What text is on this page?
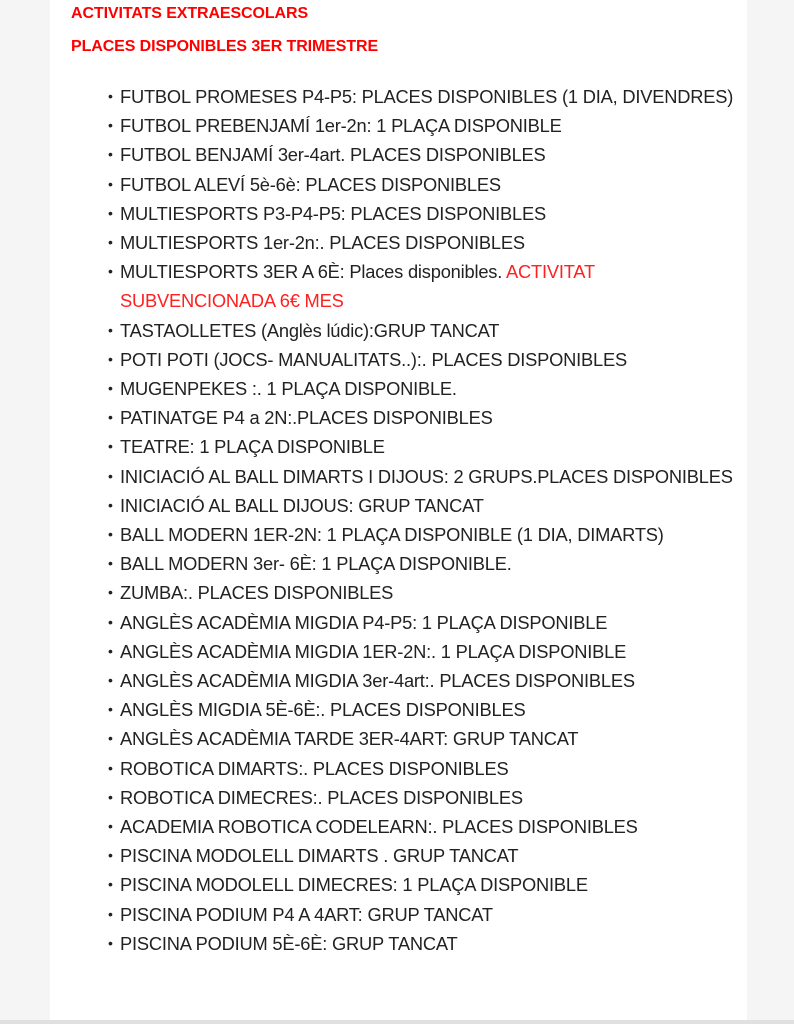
ACTIVITATS EXTRAESCOLARS
PLACES DISPONIBLES 3ER TRIMESTRE
• FUTBOL PROMESES P4-P5: PLACES DISPONIBLES (1 DIA, DIVENDRES)
• FUTBOL PREBENJAMÍ 1er-2n: 1 PLAÇA DISPONIBLE
• FUTBOL BENJAMÍ 3er-4art. PLACES DISPONIBLES
• FUTBOL ALEVÍ 5è-6è: PLACES DISPONIBLES
• MULTIESPORTS P3-P4-P5: PLACES DISPONIBLES
• MULTIESPORTS 1er-2n:. PLACES DISPONIBLES
• MULTIESPORTS 3ER A 6È: Places disponibles. ACTIVITAT SUBVENCIONADA 6€ MES
• TASTAOLLETES (Anglès lúdic):GRUP TANCAT
• POTI POTI (JOCS- MANUALITATS..):. PLACES DISPONIBLES
• MUGENPEKES :. 1 PLAÇA DISPONIBLE.
• PATINATGE P4 a 2N:.PLACES DISPONIBLES
• TEATRE: 1 PLAÇA DISPONIBLE
• INICIACIÓ AL BALL DIMARTS I DIJOUS: 2 GRUPS.PLACES DISPONIBLES
• INICIACIÓ AL BALL DIJOUS: GRUP TANCAT
• BALL MODERN 1ER-2N: 1 PLAÇA DISPONIBLE (1 DIA, DIMARTS)
• BALL MODERN 3er- 6È: 1 PLAÇA DISPONIBLE.
• ZUMBA:. PLACES DISPONIBLES
• ANGLÈS ACADÈMIA MIGDIA P4-P5: 1 PLAÇA DISPONIBLE
• ANGLÈS ACADÈMIA MIGDIA 1ER-2N:. 1 PLAÇA DISPONIBLE
• ANGLÈS ACADÈMIA MIGDIA 3er-4art:. PLACES DISPONIBLES
• ANGLÈS MIGDIA 5È-6È:. PLACES DISPONIBLES
• ANGLÈS ACADÈMIA TARDE 3ER-4ART: GRUP TANCAT
• ROBOTICA DIMARTS:. PLACES DISPONIBLES
• ROBOTICA DIMECRES:. PLACES DISPONIBLES
• ACADEMIA ROBOTICA CODELEARN:. PLACES DISPONIBLES
• PISCINA MODOLELL DIMARTS . GRUP TANCAT
• PISCINA MODOLELL DIMECRES: 1 PLAÇA DISPONIBLE
• PISCINA PODIUM P4 A 4ART: GRUP TANCAT
• PISCINA PODIUM 5È-6È: GRUP TANCAT
